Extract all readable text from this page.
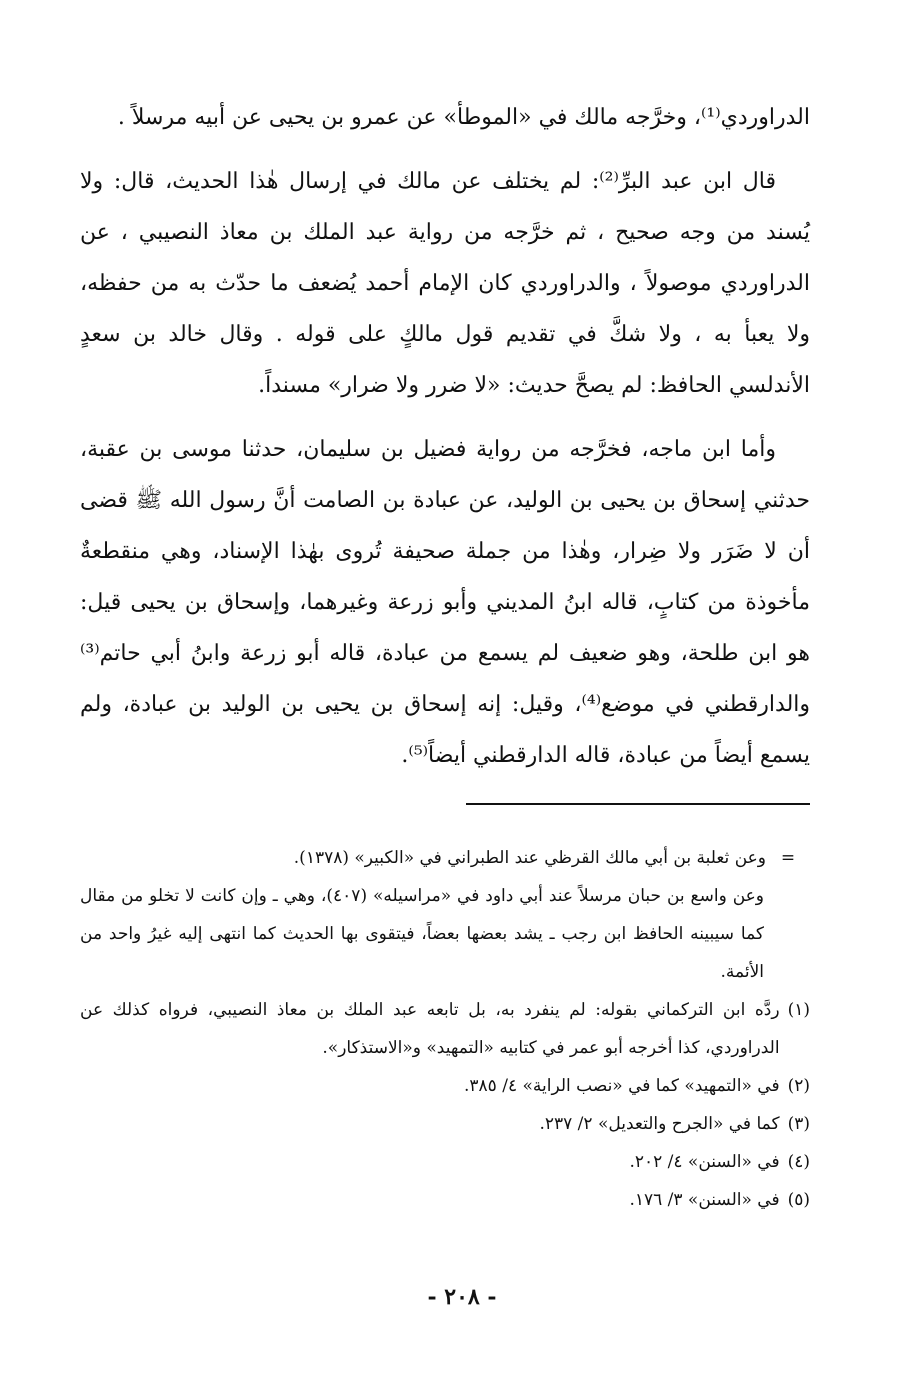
الدراوردي⁽¹⁾، وخرَّجه مالك في «الموطأ» عن عمرو بن يحيى عن أبيه مرسلاً .

قال ابن عبد البرِّ⁽²⁾: لم يختلف عن مالك في إرسال هٰذا الحديث، قال: ولا يُسند من وجه صحيح ، ثم خرَّجه من رواية عبد الملك بن معاذ النصيبي ، عن الدراوردي موصولاً ، والدراوردي كان الإمام أحمد يُضعف ما حدّث به من حفظه، ولا يعبأ به ، ولا شكَّ في تقديم قول مالكٍ على قوله . وقال خالد بن سعدٍ الأندلسي الحافظ: لم يصحَّ حديث: «لا ضرر ولا ضرار» مسنداً.

وأما ابن ماجه، فخرَّجه من رواية فضيل بن سليمان، حدثنا موسى بن عقبة، حدثني إسحاق بن يحيى بن الوليد، عن عبادة بن الصامت أنَّ رسول الله ﷺ قضى أن لا ضَرَر ولا ضِرار، وهٰذا من جملة صحيفة تُروى بهٰذا الإسناد، وهي منقطعةٌ مأخوذة من كتابٍ، قاله ابنُ المديني وأبو زرعة وغيرهما، وإسحاق بن يحيى قيل: هو ابن طلحة، وهو ضعيف لم يسمع من عبادة، قاله أبو زرعة وابنُ أبي حاتم⁽³⁾ والدارقطني في موضع⁽⁴⁾، وقيل: إنه إسحاق بن يحيى بن الوليد بن عبادة، ولم يسمع أيضاً من عبادة، قاله الدارقطني أيضاً⁽⁵⁾.

=وعن ثعلبة بن أبي مالك القرظي عند الطبراني في «الكبير» (١٣٧٨).

وعن واسع بن حبان مرسلاً عند أبي داود في «مراسيله» (٤٠٧)، وهي ـ وإن كانت لا تخلو من مقال كما سيبينه الحافظ ابن رجب ـ يشد بعضها بعضاً، فيتقوى بها الحديث كما انتهى إليه غيرُ واحد من الأئمة.

(١)
ردَّه ابن التركماني بقوله: لم ينفرد به، بل تابعه عبد الملك بن معاذ النصيبي، فرواه كذلك عن الدراوردي، كذا أخرجه أبو عمر في كتابيه «التمهيد» و«الاستذكار».
(٢)
في «التمهيد» كما في «نصب الراية» ٤/ ٣٨٥.
(٣)
كما في «الجرح والتعديل» ٢/ ٢٣٧.
(٤)
في «السنن» ٤/ ٢٠٢.
(٥)
في «السنن» ٣/ ١٧٦.
- ٢٠٨ -
